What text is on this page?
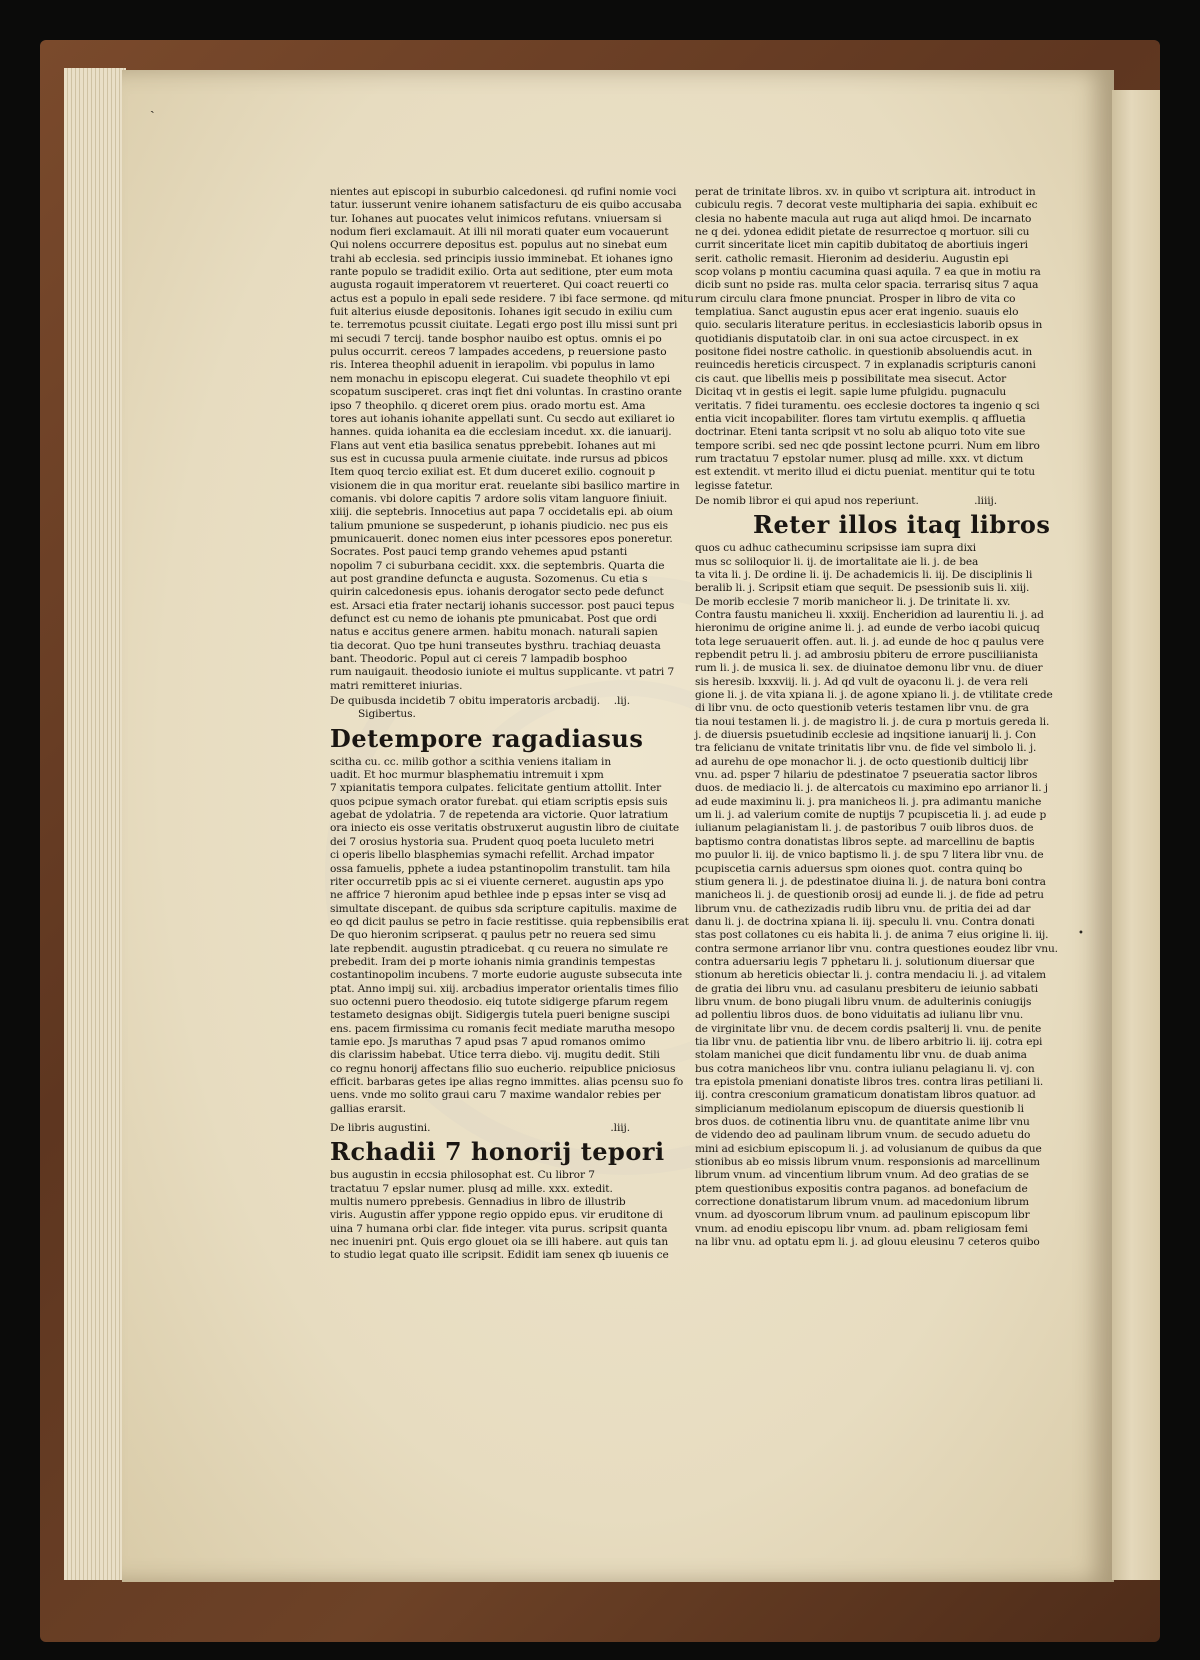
ˎ
•
nientes aut episcopi in suburbio calcedonesi. qd rufini nomie voci
tatur. iusserunt venire iohanem satisfacturu de eis quibo accusaba
tur. Iohanes aut puocates velut inimicos refutans. vniuersam si
nodum fieri exclamauit. At illi nil morati quater eum vocauerunt
Qui nolens occurrere depositus est. populus aut no sinebat eum
trahi ab ecclesia. sed principis iussio imminebat. Et iohanes igno
rante populo se tradidit exilio. Orta aut seditione, pter eum mota
augusta rogauit imperatorem vt reuerteret. Qui coact reuerti co
actus est a populo in epali sede residere. 7 ibi face sermone. qd mitu
fuit alterius eiusde depositonis. Iohanes igit secudo in exiliu cum
te. terremotus pcussit ciuitate. Legati ergo post illu missi sunt pri
mi secudi 7 tercij. tande bosphor nauibo est optus. omnis ei po
pulus occurrit. cereos 7 lampades accedens, p reuersione pasto
ris. Interea theophil aduenit in ierapolim. vbi populus in lamo
nem monachu in episcopu elegerat. Cui suadete theophilo vt epi
scopatum susciperet. cras inqt fiet dni voluntas. In crastino orante
ipso 7 theophilo. q diceret orem pius. orado mortu est. Ama
tores aut iohanis iohanite appellati sunt. Cu secdo aut exiliaret io
hannes. quida iohanita ea die ecclesiam incedut. xx. die ianuarij.
Flans aut vent etia basilica senatus pprebebit. Iohanes aut mi
sus est in cucussa puula armenie ciuitate. inde rursus ad pbicos
Item quoq tercio exiliat est. Et dum duceret exilio. cognouit p
visionem die in qua moritur erat. reuelante sibi basilico martire in
comanis. vbi dolore capitis 7 ardore solis vitam languore finiuit.
xiiij. die septebris. Innocetius aut papa 7 occidetalis epi. ab oium
talium pmunione se suspederunt, p iohanis piudicio. nec pus eis
pmunicauerit. donec nomen eius inter pcessores epos poneretur.
Socrates. Post pauci temp grando vehemes apud pstanti
nopolim 7 ci suburbana cecidit. xxx. die septembris. Quarta die
aut post grandine defuncta e augusta. Sozomenus. Cu etia s
quirin calcedonesis epus. iohanis derogator secto pede defunct
est. Arsaci etia frater nectarij iohanis successor. post pauci tepus
defunct est cu nemo de iohanis pte pmunicabat. Post que ordi
natus e accitus genere armen. habitu monach. naturali sapien
tia decorat. Quo tpe huni transeutes bysthru. trachiaq deuasta
bant. Theodoric. Popul aut ci cereis 7 lampadib bosphoo
rum nauigauit. theodosio iuniote ei multus supplicante. vt patri 7
matri remitteret iniurias.
De quibusda incidetib 7 obitu imperatoris arcbadij. .lij.
Sigibertus.
Detempore ragadiasus
scitha cu. cc. milib gothor a scithia veniens italiam in
uadit. Et hoc murmur blasphematiu intremuit i xpm
7 xpianitatis tempora culpates. felicitate gentium attollit. Inter
quos pcipue symach orator furebat. qui etiam scriptis epsis suis
agebat de ydolatria. 7 de repetenda ara victorie. Quor latratium
ora iniecto eis osse veritatis obstruxerut augustin libro de ciuitate
dei 7 orosius hystoria sua. Prudent quoq poeta luculeto metri
ci operis libello blasphemias symachi refellit. Archad impator
ossa famuelis, pphete a iudea pstantinopolim transtulit. tam hila
riter occurretib ppis ac si ei viuente cerneret. augustin aps ypo
ne affrice 7 hieronim apud bethlee inde p epsas inter se visq ad
simultate discepant. de quibus sda scripture capitulis. maxime de
eo qd dicit paulus se petro in facie restitisse. quia repbensibilis erat
De quo hieronim scripserat. q paulus petr no reuera sed simu
late repbendit. augustin ptradicebat. q cu reuera no simulate re
prebedit. Iram dei p morte iohanis nimia grandinis tempestas
costantinopolim incubens. 7 morte eudorie auguste subsecuta inte
ptat. Anno impij sui. xiij. arcbadius imperator orientalis times filio
suo octenni puero theodosio. eiq tutote sidigerge pfarum regem
testameto designas obijt. Sidigergis tutela pueri benigne suscipi
ens. pacem firmissima cu romanis fecit mediate marutha mesopo
tamie epo. Js maruthas 7 apud psas 7 apud romanos omimo
dis clarissim habebat. Utice terra diebo. vij. mugitu dedit. Stili
co regnu honorij affectans filio suo eucherio. reipublice pniciosus
efficit. barbaras getes ipe alias regno immittes. alias pcensu suo fo
uens. vnde mo solito graui caru 7 maxime wandalor rebies per
gallias erarsit.
De libris augustini.	.liij.
Rchadii 7 honorij tepori
bus augustin in eccsia philosophat est. Cu libror 7
tractatuu 7 epslar numer. plusq ad mille. xxx. extedit.
multis numero pprebesis. Gennadius in libro de illustrib
viris. Augustin affer yppone regio oppido epus. vir eruditone di
uina 7 humana orbi clar. fide integer. vita purus. scripsit quanta
nec inueniri pnt. Quis ergo glouet oia se illi habere. aut quis tan
to studio legat quato ille scripsit. Edidit iam senex qb iuuenis ce
perat de trinitate libros. xv. in quibo vt scriptura ait. introduct in
cubiculu regis. 7 decorat veste multipharia dei sapia. exhibuit ec
clesia no habente macula aut ruga aut aliqd hmoi. De incarnato
ne q dei. ydonea edidit pietate de resurrectoe q mortuor. sili cu
currit sinceritate licet min capitib dubitatoq de abortiuis ingeri
serit. catholic remasit. Hieronim ad desideriu. Augustin epi
scop volans p montiu cacumina quasi aquila. 7 ea que in motiu ra
dicib sunt no pside ras. multa celor spacia. terrarisq situs 7 aqua
rum circulu clara fmone pnunciat. Prosper in libro de vita co
templatiua. Sanct augustin epus acer erat ingenio. suauis elo
quio. secularis literature peritus. in ecclesiasticis laborib opsus in
quotidianis disputatoib clar. in oni sua actoe circuspect. in ex
positone fidei nostre catholic. in questionib absoluendis acut. in
reuincedis hereticis circuspect. 7 in explanadis scripturis canoni
cis caut. que libellis meis p possibilitate mea sisecut. Actor
Dicitaq vt in gestis ei legit. sapie lume pfulgidu. pugnaculu
veritatis. 7 fidei turamentu. oes ecclesie doctores ta ingenio q sci
entia vicit incopabiliter. flores tam virtutu exemplis. q affluetia
doctrinar. Eteni tanta scripsit vt no solu ab aliquo toto vite sue
tempore scribi. sed nec qde possint lectone pcurri. Num em libro
rum tractatuu 7 epstolar numer. plusq ad mille. xxx. vt dictum
est extendit. vt merito illud ei dictu pueniat. mentitur qui te totu
legisse fatetur.
De nomib libror ei qui apud nos reperiunt.	.liiij.
Reter illos itaq libros
quos cu adhuc cathecuminu scripsisse iam supra dixi
mus sc soliloquior li. ij. de imortalitate aie li. j. de bea
ta vita li. j. De ordine li. ij. De achademicis li. iij. De disciplinis li
beralib li. j. Scripsit etiam que sequit. De psessionib suis li. xiij.
De morib ecclesie 7 morib manicheor li. j. De trinitate li. xv.
Contra faustu manicheu li. xxxiij. Encheridion ad laurentiu li. j. ad
hieronimu de origine anime li. j. ad eunde de verbo iacobi quicuq
tota lege seruauerit offen. aut. li. j. ad eunde de hoc q paulus vere
repbendit petru li. j. ad ambrosiu pbiteru de errore pusciliianista
rum li. j. de musica li. sex. de diuinatoe demonu libr vnu. de diuer
sis heresib. lxxxviij. li. j. Ad qd vult de oyaconu li. j. de vera reli
gione li. j. de vita xpiana li. j. de agone xpiano li. j. de vtilitate crede
di libr vnu. de octo questionib veteris testamen libr vnu. de gra
tia noui testamen li. j. de magistro li. j. de cura p mortuis gereda li.
j. de diuersis psuetudinib ecclesie ad inqsitione ianuarij li. j. Con
tra felicianu de vnitate trinitatis libr vnu. de fide vel simbolo li. j.
ad aurehu de ope monachor li. j. de octo questionib dulticij libr
vnu. ad. psper 7 hilariu de pdestinatoe 7 pseueratia sactor libros
duos. de mediacio li. j. de altercatois cu maximino epo arrianor li. j
ad eude maximinu li. j. pra manicheos li. j. pra adimantu maniche
um li. j. ad valerium comite de nuptijs 7 pcupiscetia li. j. ad eude p
iulianum pelagianistam li. j. de pastoribus 7 ouib libros duos. de
baptismo contra donatistas libros septe. ad marcellinu de baptis
mo puulor li. iij. de vnico baptismo li. j. de spu 7 litera libr vnu. de
pcupiscetia carnis aduersus spm oiones quot. contra quinq bo
stium genera li. j. de pdestinatoe diuina li. j. de natura boni contra
manicheos li. j. de questionib orosij ad eunde li. j. de fide ad petru
librum vnu. de cathezizadis rudib libru vnu. de pritia dei ad dar
danu li. j. de doctrina xpiana li. iij. speculu li. vnu. Contra donati
stas post collatones cu eis habita li. j. de anima 7 eius origine li. iij.
contra sermone arrianor libr vnu. contra questiones eoudez libr vnu.
contra aduersariu legis 7 pphetaru li. j. solutionum diuersar que
stionum ab hereticis obiectar li. j. contra mendaciu li. j. ad vitalem
de gratia dei libru vnu. ad casulanu presbiteru de ieiunio sabbati
libru vnum. de bono piugali libru vnum. de adulterinis coniugijs
ad pollentiu libros duos. de bono viduitatis ad iulianu libr vnu.
de virginitate libr vnu. de decem cordis psalterij li. vnu. de penite
tia libr vnu. de patientia libr vnu. de libero arbitrio li. iij. cotra epi
stolam manichei que dicit fundamentu libr vnu. de duab anima
bus cotra manicheos libr vnu. contra iulianu pelagianu li. vj. con
tra epistola pmeniani donatiste libros tres. contra liras petiliani li.
iij. contra cresconium gramaticum donatistam libros quatuor. ad
simplicianum mediolanum episcopum de diuersis questionib li
bros duos. de cotinentia libru vnu. de quantitate anime libr vnu
de videndo deo ad paulinam librum vnum. de secudo aduetu do
mini ad esicbium episcopum li. j. ad volusianum de quibus da que
stionibus ab eo missis librum vnum. responsionis ad marcellinum
librum vnum. ad vincentium librum vnum. Ad deo gratias de se
ptem questionibus expositis contra paganos. ad bonefacium de
correctione donatistarum librum vnum. ad macedonium librum
vnum. ad dyoscorum librum vnum. ad paulinum episcopum libr
vnum. ad enodiu episcopu libr vnum. ad. pbam religiosam femi
na libr vnu. ad optatu epm li. j. ad glouu eleusinu 7 ceteros quibo
